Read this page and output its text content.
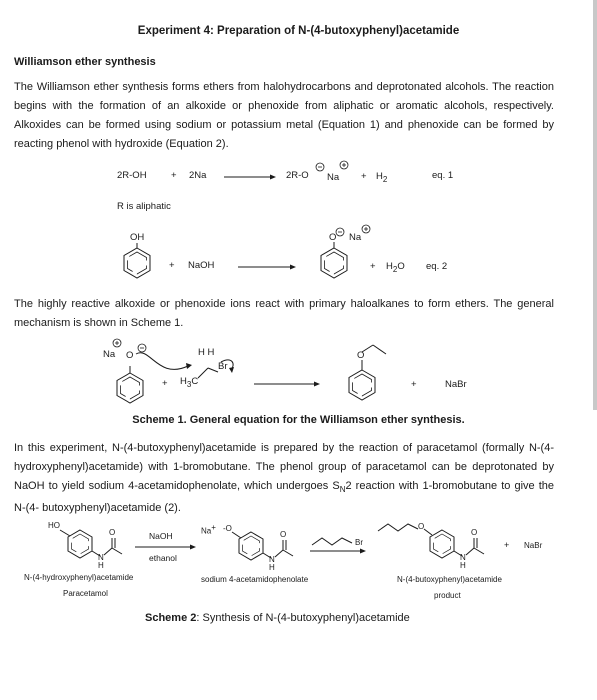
Experiment 4: Preparation of N-(4-butoxyphenyl)acetamide
Williamson ether synthesis
The Williamson ether synthesis forms ethers from halohydrocarbons and deprotonated alcohols. The reaction begins with the formation of an alkoxide or phenoxide from aliphatic or aromatic alcohols, respectively. Alkoxides can be formed using sodium or potassium metal (Equation 1) and phenoxide can be formed by reacting phenol with hydroxide (Equation 2).
2R-OH	+ 2Na	2R-O $Na + H_2$	eq. 1
R is aliphatic
OH
+ NaOH
O Na
+ $H_2O$ eq. 2
The highly reactive alkoxide or phenoxide ions react with primary haloalkanes to form ethers. The general mechanism is shown in Scheme 1.
Na O	H H
Br
+ $H_3C$
O
+	NaBr
Scheme 1. General equation for the Williamson ether synthesis.
In this experiment, N-(4-butoxyphenyl)acetamide is prepared by the reaction of paracetamol (formally N-(4- hydroxyphenyl)acetamide) with 1-bromobutane. The phenol group of paracetamol can be deprotonated by NaOH to yield sodium 4-acetamidophenolate, which undergoes $S_N2$ reaction with 1-bromobutane to give the N-(4- butoxyphenyl)acetamide (2).
HO
O
N
H
NaOH
ethanol
Na+ -O
O
N
H
Br
O
O
N
H
+ NaBr
N-(4-hydroxyphenyl)acetamide
Paracetamol
sodium 4-acetamidophenolate	N-(4-butoxyphenyl)acetamide
product
Scheme 2: Synthesis of N-(4-butoxyphenyl)acetamide
